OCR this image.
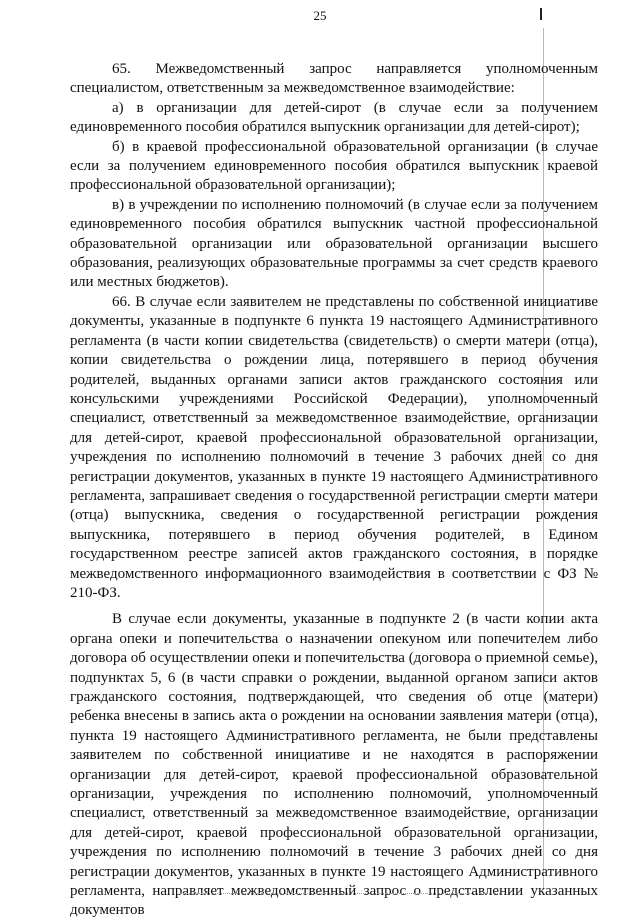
25

65. Межведомственный запрос направляется уполномоченным специалистом, ответственным за межведомственное взаимодействие:

а) в организации для детей-сирот (в случае если за получением единовременного пособия обратился выпускник организации для детей-сирот);

б) в краевой профессиональной образовательной организации (в случае если за получением единовременного пособия обратился выпускник краевой профессиональной образовательной организации);

в) в учреждении по исполнению полномочий (в случае если за получением единовременного пособия обратился выпускник частной профессиональной образовательной организации или образовательной организации высшего образования, реализующих образовательные программы за счет средств краевого или местных бюджетов).

66. В случае если заявителем не представлены по собственной инициативе документы, указанные в подпункте 6 пункта 19 настоящего Административного регламента (в части копии свидетельства (свидетельств) о смерти матери (отца), копии свидетельства о рождении лица, потерявшего в период обучения родителей, выданных органами записи актов гражданского состояния или консульскими учреждениями Российской Федерации), уполномоченный специалист, ответственный за межведомственное взаимодействие, организации для детей-сирот, краевой профессиональной образовательной организации, учреждения по исполнению полномочий в течение 3 рабочих дней со дня регистрации документов, указанных в пункте 19 настоящего Административного регламента, запрашивает сведения о государственной регистрации смерти матери (отца) выпускника, сведения о государственной регистрации рождения выпускника, потерявшего в период обучения родителей, в Едином государственном реестре записей актов гражданского состояния, в порядке межведомственного информационного взаимодействия в соответствии с ФЗ № 210-ФЗ.

В случае если документы, указанные в подпункте 2 (в части копии акта органа опеки и попечительства о назначении опекуном или попечителем либо договора об осуществлении опеки и попечительства (договора о приемной семье), подпунктах 5, 6 (в части справки о рождении, выданной органом записи актов гражданского состояния, подтверждающей, что сведения об отце (матери) ребенка внесены в запись акта о рождении на основании заявления матери (отца), пункта 19 настоящего Административного регламента, не были представлены заявителем по собственной инициативе и не находятся в распоряжении организации для детей-сирот, краевой профессиональной образовательной организации, учреждения по исполнению полномочий, уполномоченный специалист, ответственный за межведомственное взаимодействие, организации для детей-сирот, краевой профессиональной образовательной организации, учреждения по исполнению полномочий в течение 3 рабочих дней со дня регистрации документов, указанных в пункте 19 настоящего Административного регламента, направляет межведомственный запрос о представлении указанных документов
